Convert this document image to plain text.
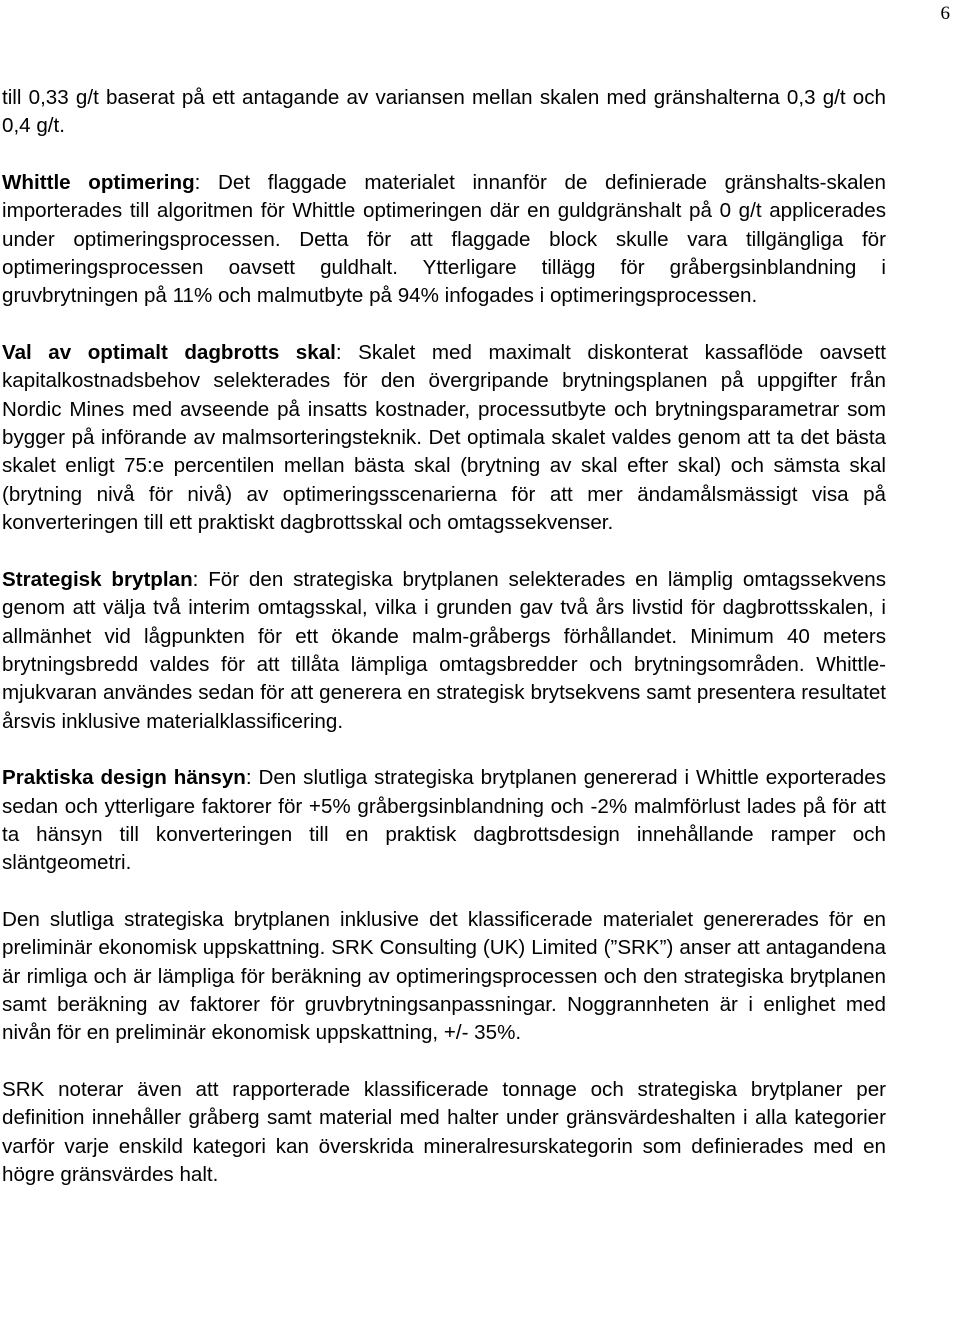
6

till 0,33 g/t baserat på ett antagande av variansen mellan skalen med gränshalterna 0,3 g/t och 0,4 g/t.

Whittle optimering: Det flaggade materialet innanför de definierade gränshalts-skalen importerades till algoritmen för Whittle optimeringen där en guldgränshalt på 0 g/t applicerades under optimeringsprocessen. Detta för att flaggade block skulle vara tillgängliga för optimeringsprocessen oavsett guldhalt. Ytterligare tillägg för gråbergsinblandning i gruvbrytningen på 11% och malmutbyte på 94% infogades i optimeringsprocessen.

Val av optimalt dagbrotts skal: Skalet med maximalt diskonterat kassaflöde oavsett kapitalkostnadsbehov selekterades för den övergripande brytningsplanen på uppgifter från Nordic Mines med avseende på insatts kostnader, processutbyte och brytningsparametrar som bygger på införande av malmsorteringsteknik. Det optimala skalet valdes genom att ta det bästa skalet enligt 75:e percentilen mellan bästa skal (brytning av skal efter skal) och sämsta skal (brytning nivå för nivå) av optimeringsscenarierna för att mer ändamålsmässigt visa på konverteringen till ett praktiskt dagbrottsskal och omtagssekvenser.

Strategisk brytplan: För den strategiska brytplanen selekterades en lämplig omtagssekvens genom att välja två interim omtagsskal, vilka i grunden gav två års livstid för dagbrottsskalen, i allmänhet vid lågpunkten för ett ökande malm-gråbergs förhållandet. Minimum 40 meters brytningsbredd valdes för att tillåta lämpliga omtagsbredder och brytningsområden. Whittle-mjukvaran användes sedan för att generera en strategisk brytsekvens samt presentera resultatet årsvis inklusive materialklassificering.

Praktiska design hänsyn: Den slutliga strategiska brytplanen genererad i Whittle exporterades sedan och ytterligare faktorer för +5% gråbergsinblandning och -2% malmförlust lades på för att ta hänsyn till konverteringen till en praktisk dagbrottsdesign innehållande ramper och släntgeometri.

Den slutliga strategiska brytplanen inklusive det klassificerade materialet genererades för en preliminär ekonomisk uppskattning. SRK Consulting (UK) Limited (”SRK”) anser att antagandena är rimliga och är lämpliga för beräkning av optimeringsprocessen och den strategiska brytplanen samt beräkning av faktorer för gruvbrytningsanpassningar. Noggrannheten är i enlighet med nivån för en preliminär ekonomisk uppskattning, +/- 35%.

SRK noterar även att rapporterade klassificerade tonnage och strategiska brytplaner per definition innehåller gråberg samt material med halter under gränsvärdeshalten i alla kategorier varför varje enskild kategori kan överskrida mineralresurskategorin som definierades med en högre gränsvärdes halt.
